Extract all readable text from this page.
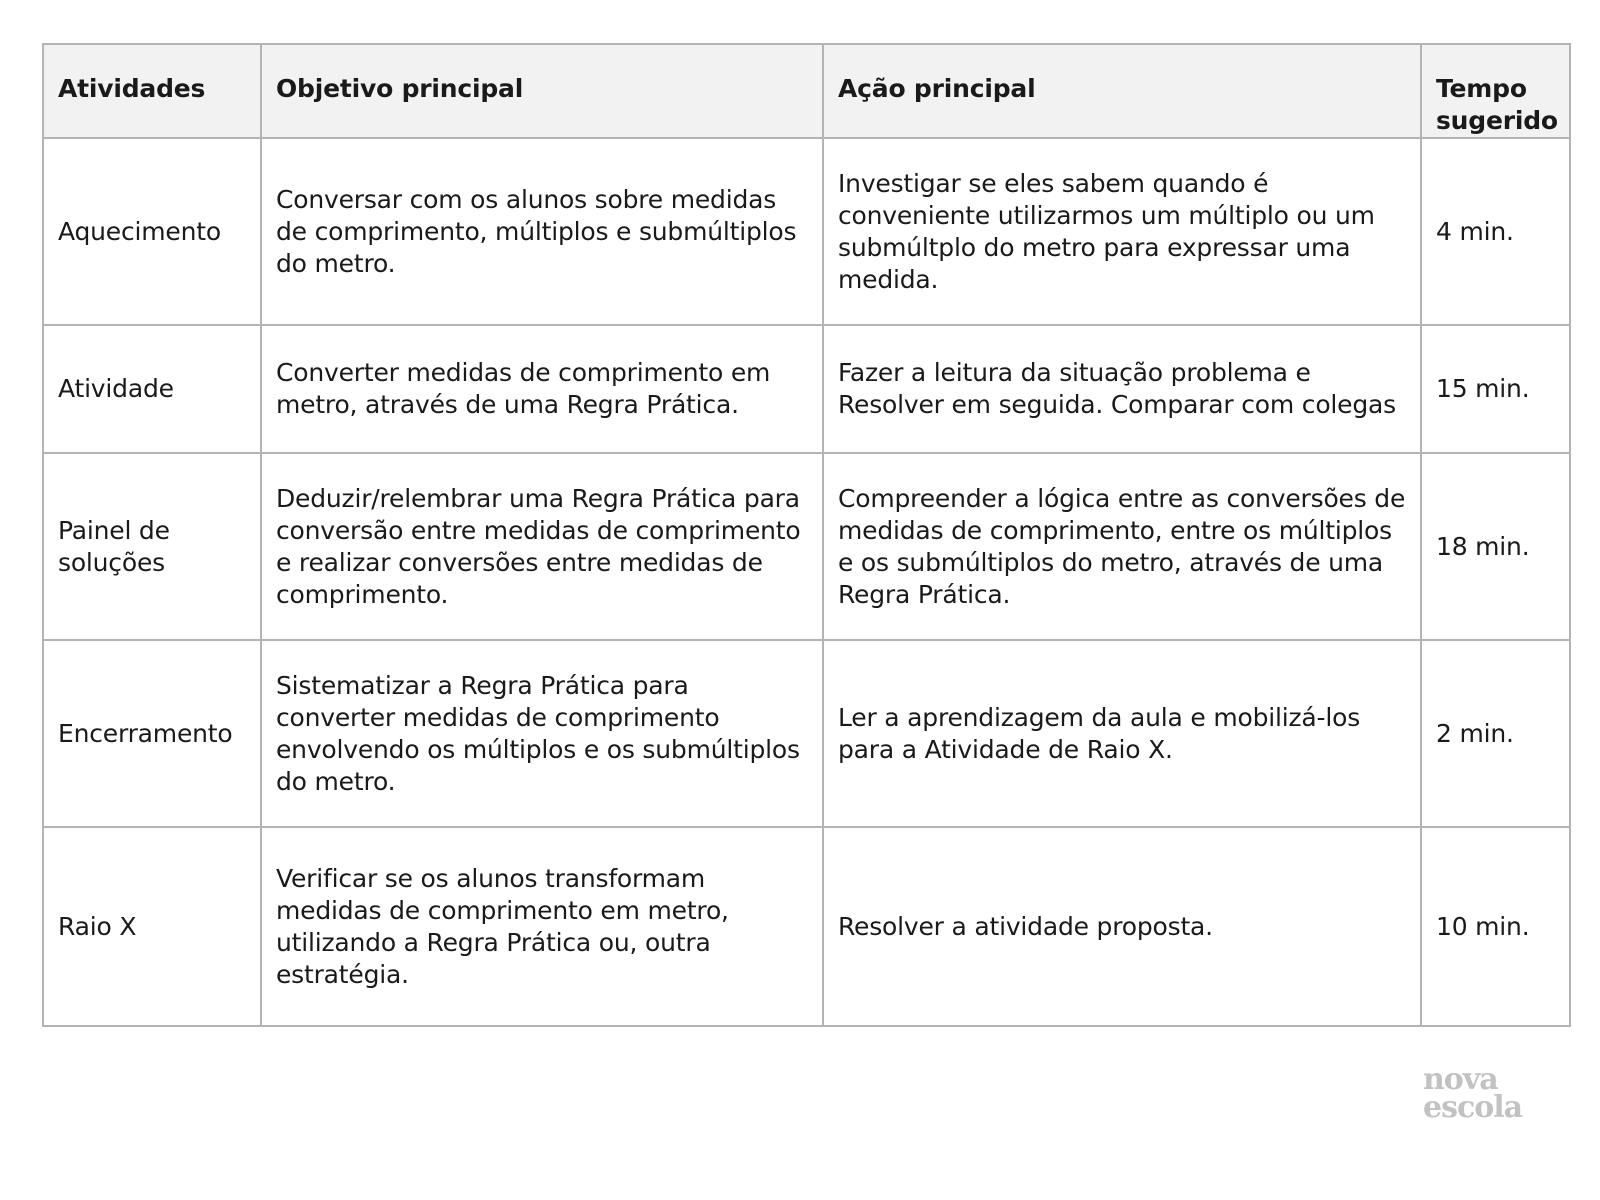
Atividades	Objetivo principal	Ação principal	Tempo sugerido
Aquecimento	Conversar com os alunos sobre medidas de comprimento, múltiplos e submúltiplos do metro.	Investigar se eles sabem quando é conveniente utilizarmos um múltiplo ou um submúltplo do metro para expressar uma medida.	4 min.
Atividade	Converter medidas de comprimento em metro, através de uma Regra Prática.	Fazer a leitura da situação problema e Resolver em seguida. Comparar com colegas	15 min.
Painel de soluções	Deduzir/relembrar uma Regra Prática para conversão entre medidas de comprimento e realizar conversões entre medidas de comprimento.	Compreender a lógica entre as conversões de medidas de comprimento, entre os múltiplos e os submúltiplos do metro, através de uma Regra Prática.	18 min.
Encerramento	Sistematizar a Regra Prática para converter medidas de comprimento envolvendo os múltiplos e os submúltiplos do metro.	Ler a aprendizagem da aula e mobilizá-los para a Atividade de Raio X.	2 min.
Raio X	Verificar se os alunos transformam medidas de comprimento em metro, utilizando a Regra Prática ou, outra estratégia.	Resolver a atividade proposta.	10 min.
nova
escola
